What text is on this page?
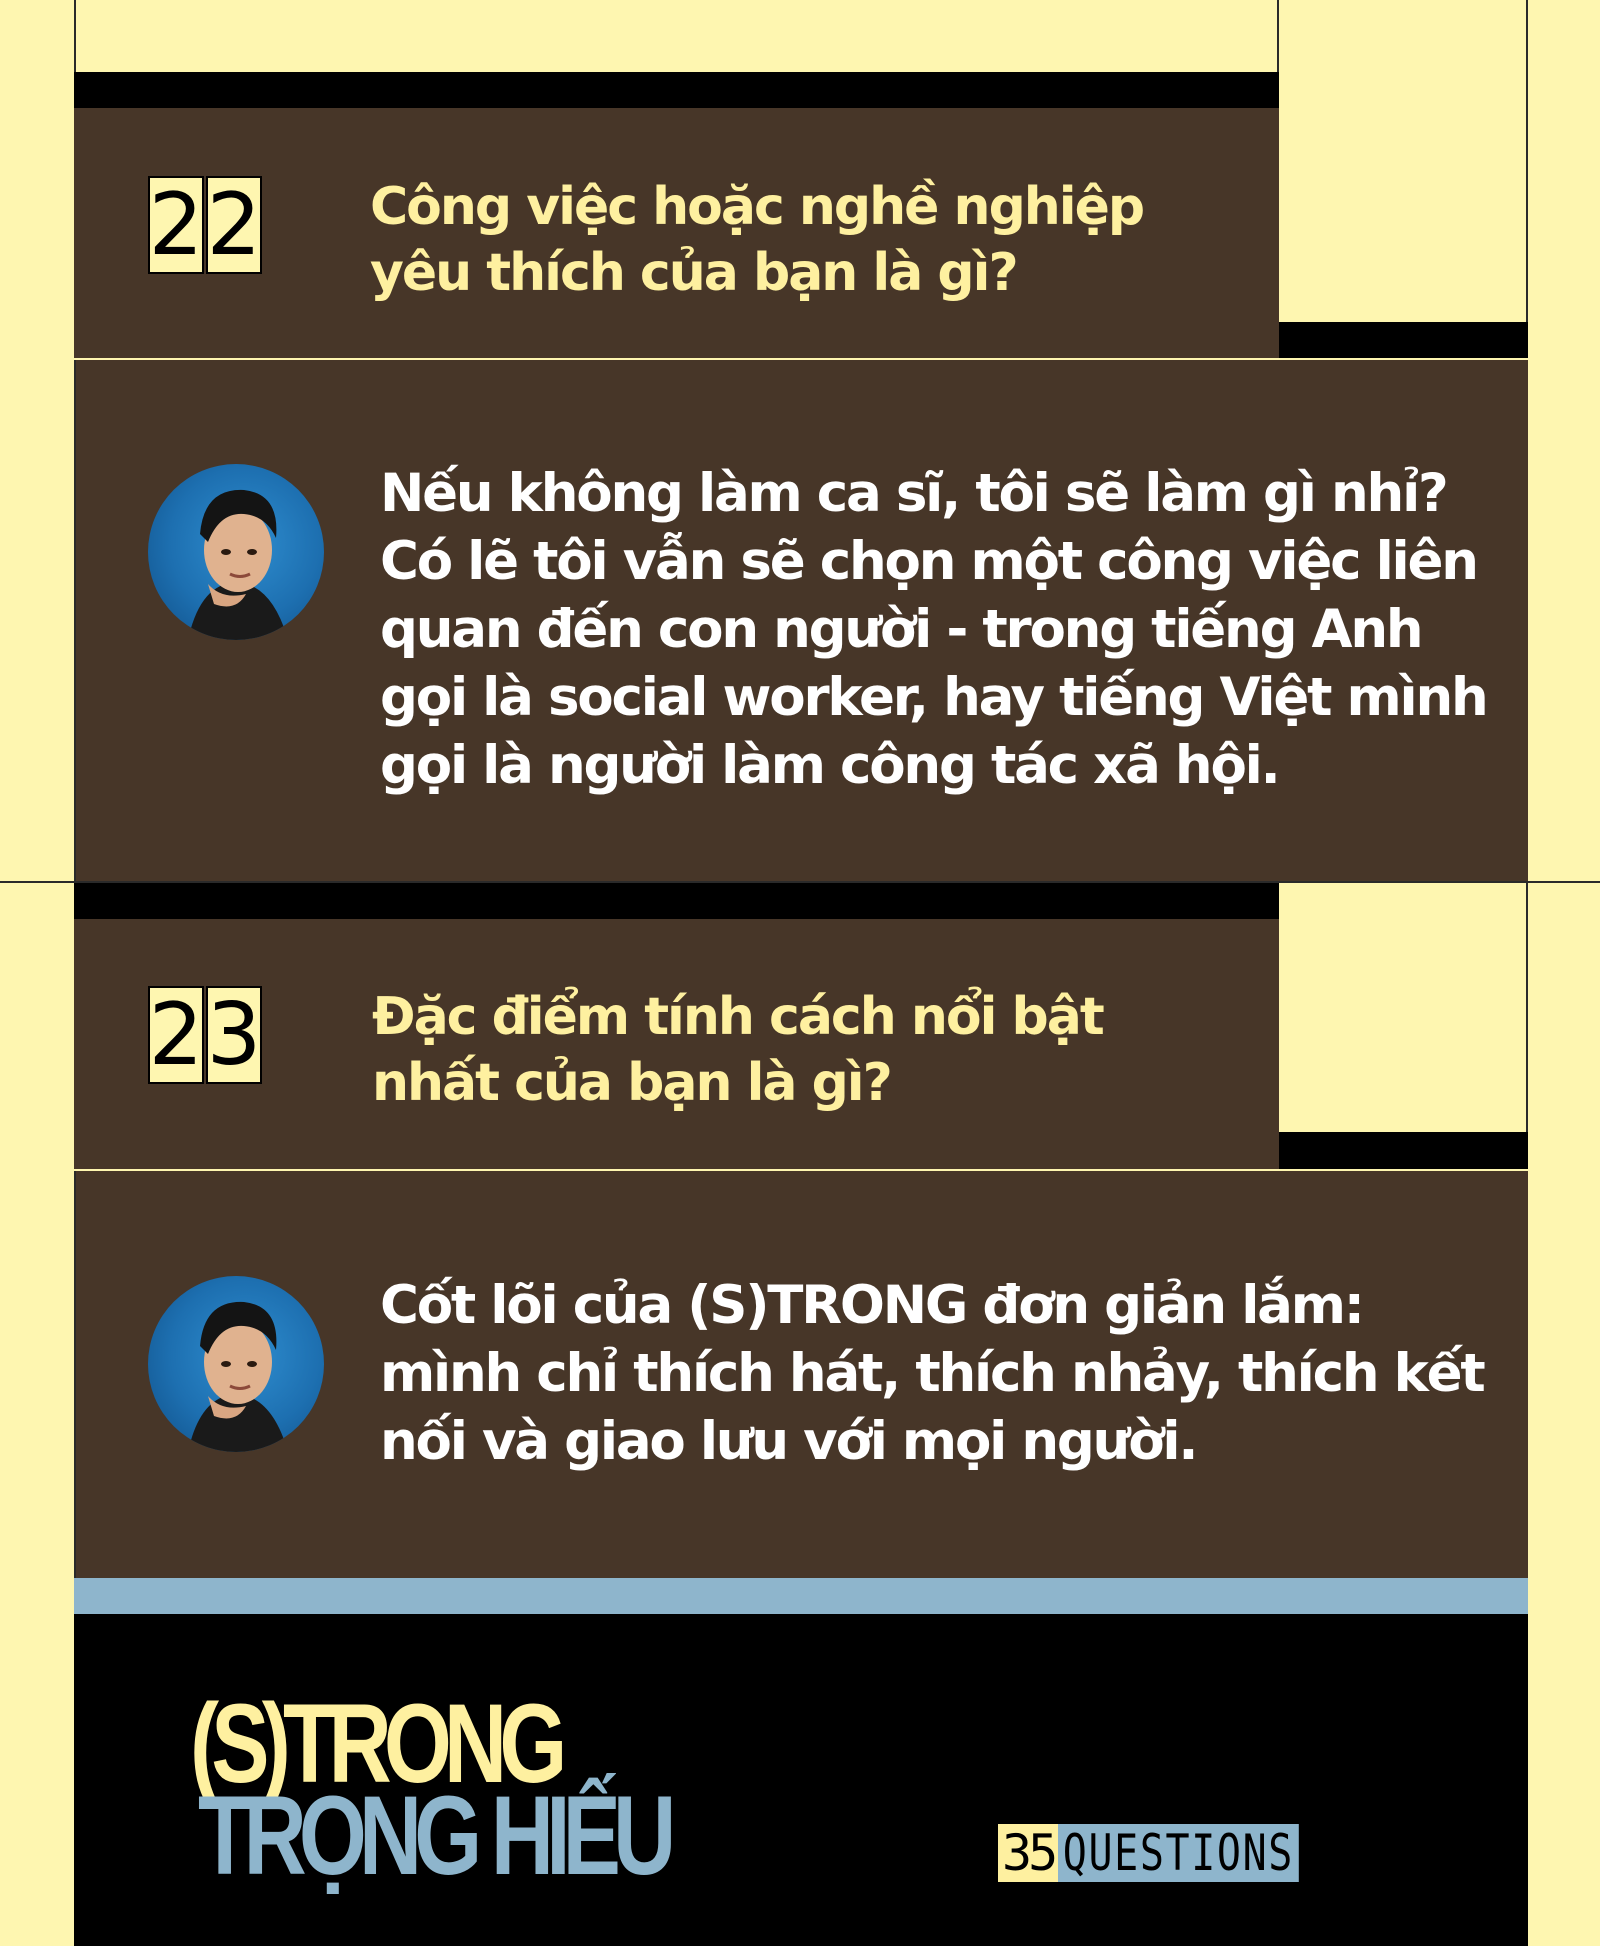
2 2 Công việc hoặc nghề nghiệp
yêu thích của bạn là gì?
Nếu không làm ca sĩ, tôi sẽ làm gì nhỉ?
Có lẽ tôi vẫn sẽ chọn một công việc liên
quan đến con người - trong tiếng Anh
gọi là social worker, hay tiếng Việt mình
gọi là người làm công tác xã hội.
2 3 Đặc điểm tính cách nổi bật
nhất của bạn là gì?
Cốt lõi của (S)TRONG đơn giản lắm:
mình chỉ thích hát, thích nhảy, thích kết
nối và giao lưu với mọi người.
(S)TRONG
TRỌNG HIẾU	35 QUESTIONS
